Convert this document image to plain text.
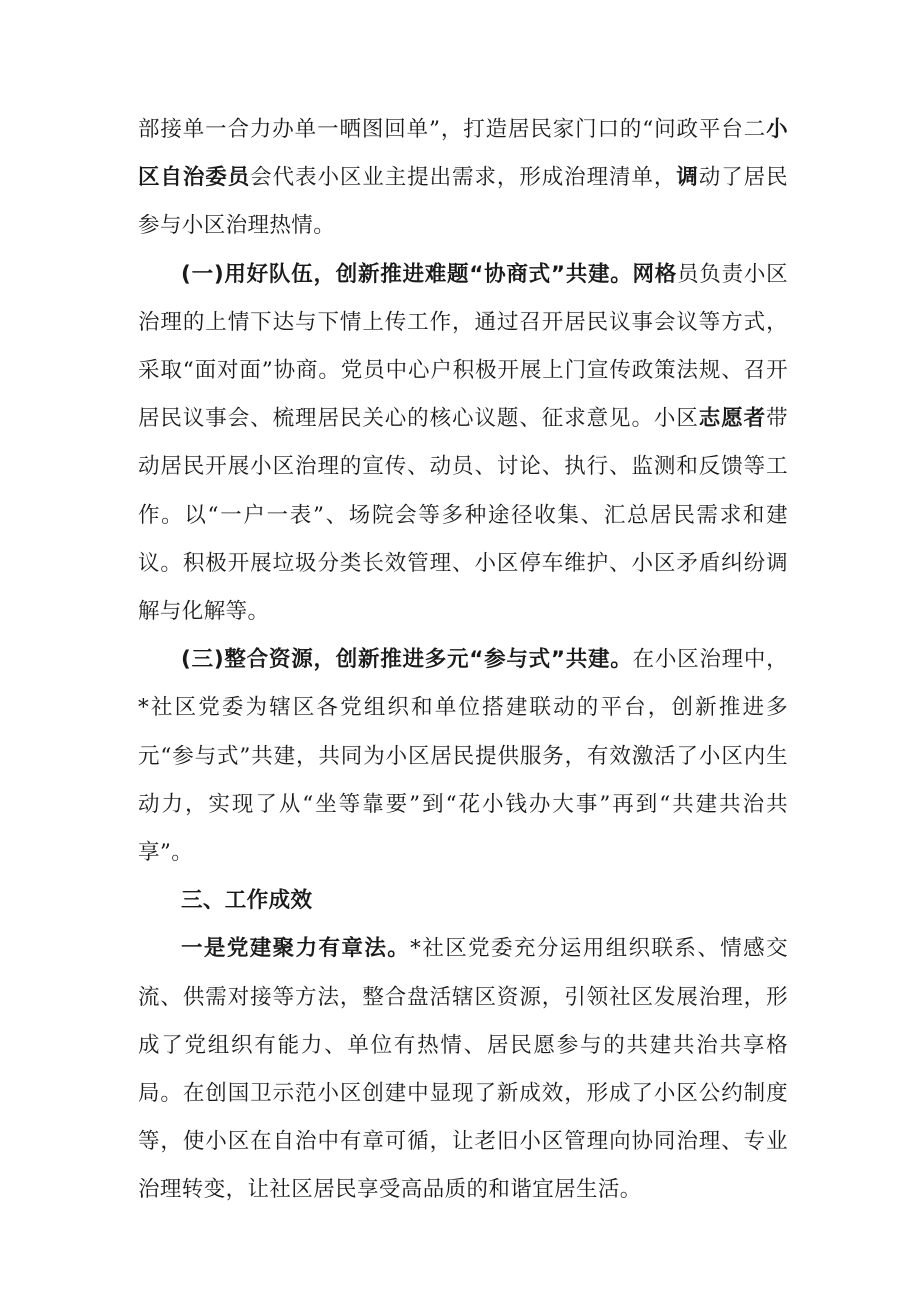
部接单一合力办单一晒图回单”，打造居民家门口的“问政平台二小区自治委员会代表小区业主提出需求，形成治理清单，调动了居民参与小区治理热情。

(一)用好队伍，创新推进难题“协商式”共建。网格员负责小区治理的上情下达与下情上传工作，通过召开居民议事会议等方式，采取“面对面”协商。党员中心户积极开展上门宣传政策法规、召开居民议事会、梳理居民关心的核心议题、征求意见。小区志愿者带动居民开展小区治理的宣传、动员、讨论、执行、监测和反馈等工作。以“一户一表”、场院会等多种途径收集、汇总居民需求和建议。积极开展垃圾分类长效管理、小区停车维护、小区矛盾纠纷调解与化解等。

(三)整合资源，创新推进多元“参与式”共建。在小区治理中，*社区党委为辖区各党组织和单位搭建联动的平台，创新推进多元“参与式”共建，共同为小区居民提供服务，有效激活了小区内生动力，实现了从“坐等靠要”到“花小钱办大事”再到“共建共治共享”。

三、工作成效

一是党建聚力有章法。*社区党委充分运用组织联系、情感交流、供需对接等方法，整合盘活辖区资源，引领社区发展治理，形成了党组织有能力、单位有热情、居民愿参与的共建共治共享格局。在创国卫示范小区创建中显现了新成效，形成了小区公约制度等，使小区在自治中有章可循，让老旧小区管理向协同治理、专业治理转变，让社区居民享受高品质的和谐宜居生活。
